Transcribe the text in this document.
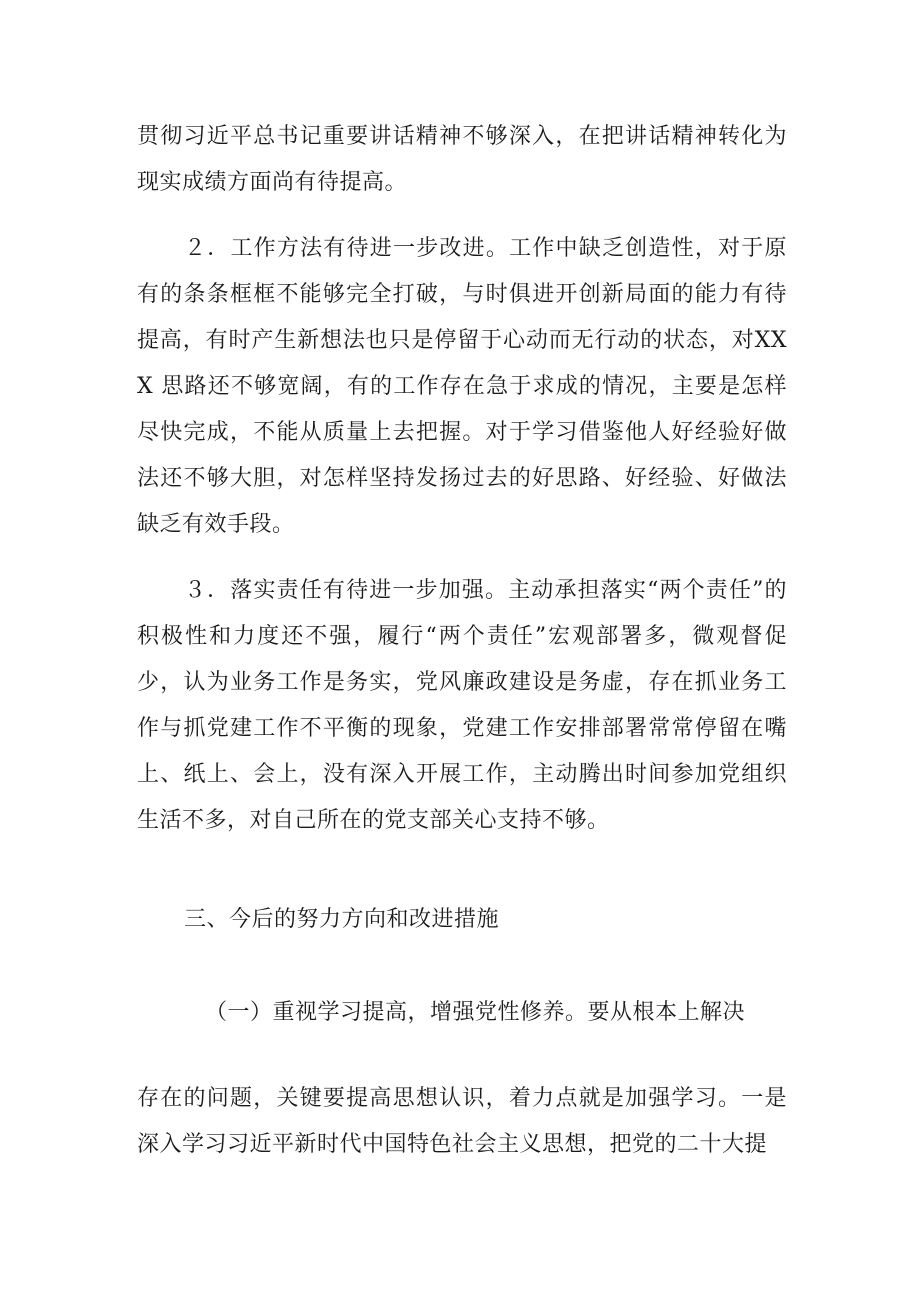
贯彻习近平总书记重要讲话精神不够深入，在把讲话精神转化为现实成绩方面尚有待提高。

２．工作方法有待进一步改进。工作中缺乏创造性，对于原有的条条框框不能够完全打破，与时俱进开创新局面的能力有待提高，有时产生新想法也只是停留于心动而无行动的状态，对XXX 思路还不够宽阔，有的工作存在急于求成的情况，主要是怎样尽快完成，不能从质量上去把握。对于学习借鉴他人好经验好做法还不够大胆，对怎样坚持发扬过去的好思路、好经验、好做法缺乏有效手段。

３．落实责任有待进一步加强。主动承担落实“两个责任”的积极性和力度还不强，履行“两个责任”宏观部署多，微观督促少，认为业务工作是务实，党风廉政建设是务虚，存在抓业务工作与抓党建工作不平衡的现象，党建工作安排部署常常停留在嘴上、纸上、会上，没有深入开展工作，主动腾出时间参加党组织生活不多，对自己所在的党支部关心支持不够。

三、今后的努力方向和改进措施

（一）重视学习提高，增强党性修养。要从根本上解决

存在的问题，关键要提高思想认识，着力点就是加强学习。一是深入学习习近平新时代中国特色社会主义思想，把党的二十大提
